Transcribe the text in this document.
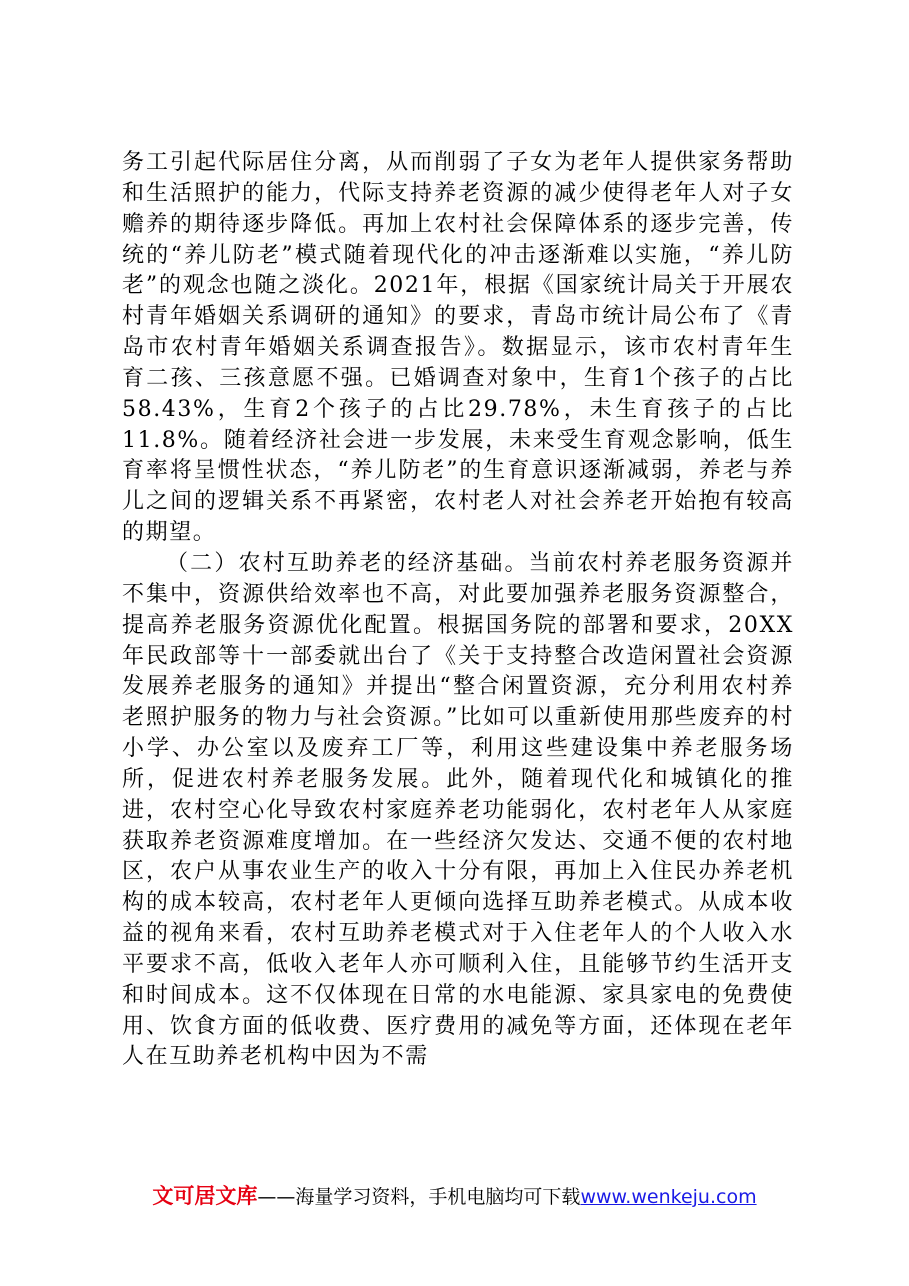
务工引起代际居住分离，从而削弱了子女为老年人提供家务帮助和生活照护的能力，代际支持养老资源的减少使得老年人对子女赡养的期待逐步降低。再加上农村社会保障体系的逐步完善，传统的“养儿防老”模式随着现代化的冲击逐渐难以实施，“养儿防老”的观念也随之淡化。2021年，根据《国家统计局关于开展农村青年婚姻关系调研的通知》的要求，青岛市统计局公布了《青岛市农村青年婚姻关系调查报告》。数据显示，该市农村青年生育二孩、三孩意愿不强。已婚调查对象中，生育1个孩子的占比58.43%，生育2个孩子的占比29.78%，未生育孩子的占比11.8%。随着经济社会进一步发展，未来受生育观念影响，低生育率将呈惯性状态，“养儿防老”的生育意识逐渐减弱，养老与养儿之间的逻辑关系不再紧密，农村老人对社会养老开始抱有较高的期望。

（二）农村互助养老的经济基础。当前农村养老服务资源并不集中，资源供给效率也不高，对此要加强养老服务资源整合，提高养老服务资源优化配置。根据国务院的部署和要求，20XX年民政部等十一部委就出台了《关于支持整合改造闲置社会资源发展养老服务的通知》并提出“整合闲置资源，充分利用农村养老照护服务的物力与社会资源。”比如可以重新使用那些废弃的村小学、办公室以及废弃工厂等，利用这些建设集中养老服务场所，促进农村养老服务发展。此外，随着现代化和城镇化的推进，农村空心化导致农村家庭养老功能弱化，农村老年人从家庭获取养老资源难度增加。在一些经济欠发达、交通不便的农村地区，农户从事农业生产的收入十分有限，再加上入住民办养老机构的成本较高，农村老年人更倾向选择互助养老模式。从成本收益的视角来看，农村互助养老模式对于入住老年人的个人收入水平要求不高，低收入老年人亦可顺利入住，且能够节约生活开支和时间成本。这不仅体现在日常的水电能源、家具家电的免费使用、饮食方面的低收费、医疗费用的减免等方面，还体现在老年人在互助养老机构中因为不需

文可居文库——海量学习资料，手机电脑均可下载www.wenkeju.com
